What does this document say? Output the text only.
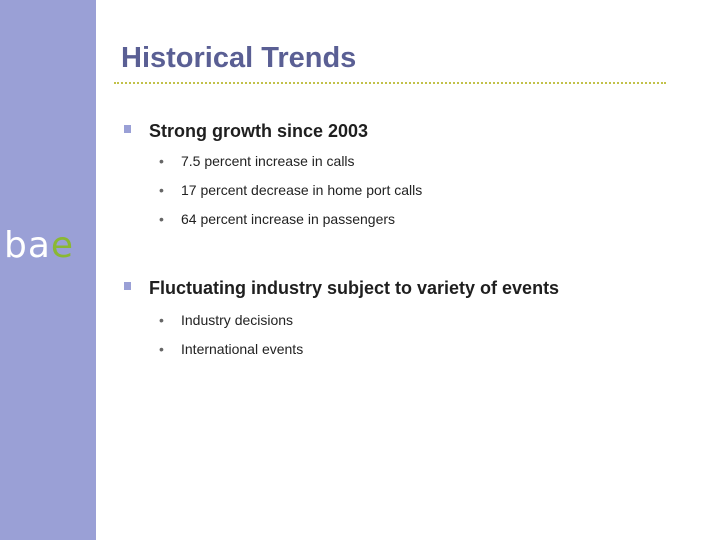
bae
Historical Trends
Strong growth since 2003
•	7.5 percent increase in calls
•	17 percent decrease in home port calls
•	64 percent increase in passengers
Fluctuating industry subject to variety of events
•	Industry decisions
•	International events
